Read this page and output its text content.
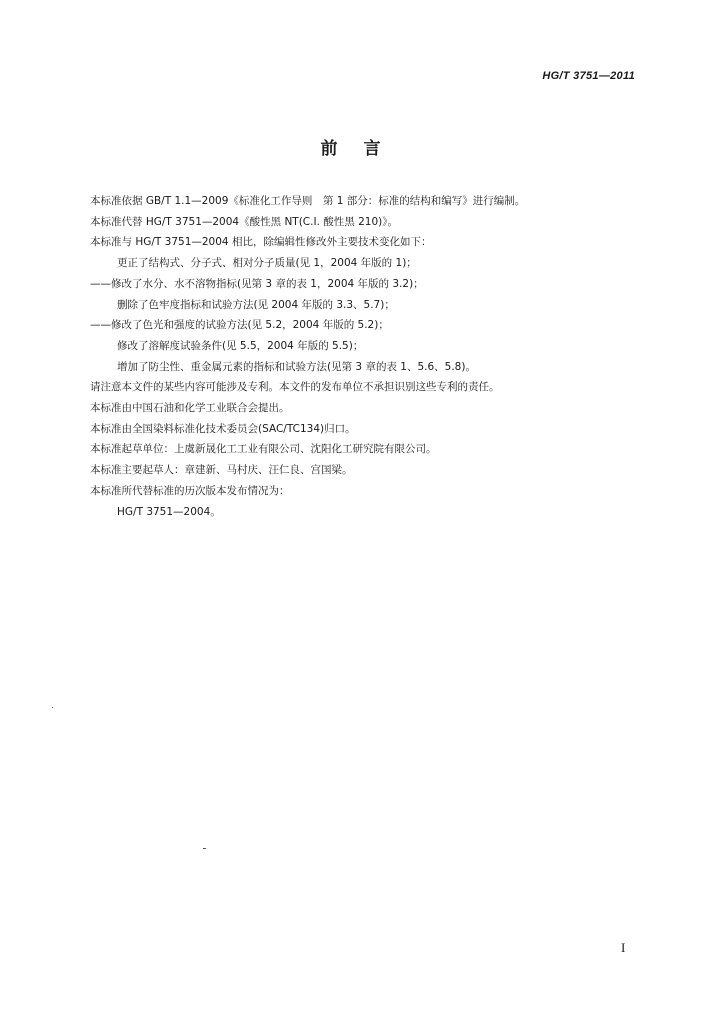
HG/T 3751—2011
前言
本标准依据 GB/T 1.1—2009《标准化工作导则　第 1 部分：标准的结构和编写》进行编制。
本标准代替 HG/T 3751—2004《酸性黑 NT(C.I. 酸性黑 210)》。
本标准与 HG/T 3751—2004 相比，除编辑性修改外主要技术变化如下：
更正了结构式、分子式、相对分子质量(见 1，2004 年版的 1)；
——修改了水分、水不溶物指标(见第 3 章的表 1，2004 年版的 3.2)；
删除了色牢度指标和试验方法(见 2004 年版的 3.3、5.7)；
——修改了色光和强度的试验方法(见 5.2，2004 年版的 5.2)；
修改了溶解度试验条件(见 5.5，2004 年版的 5.5)；
增加了防尘性、重金属元素的指标和试验方法(见第 3 章的表 1、5.6、5.8)。
请注意本文件的某些内容可能涉及专利。本文件的发布单位不承担识别这些专利的责任。
本标准由中国石油和化学工业联合会提出。
本标准由全国染料标准化技术委员会(SAC/TC134)归口。
本标准起草单位：上虞新晟化工工业有限公司、沈阳化工研究院有限公司。
本标准主要起草人：章建新、马村庆、汪仁良、宫国梁。
本标准所代替标准的历次版本发布情况为：
HG/T 3751—2004。
I
